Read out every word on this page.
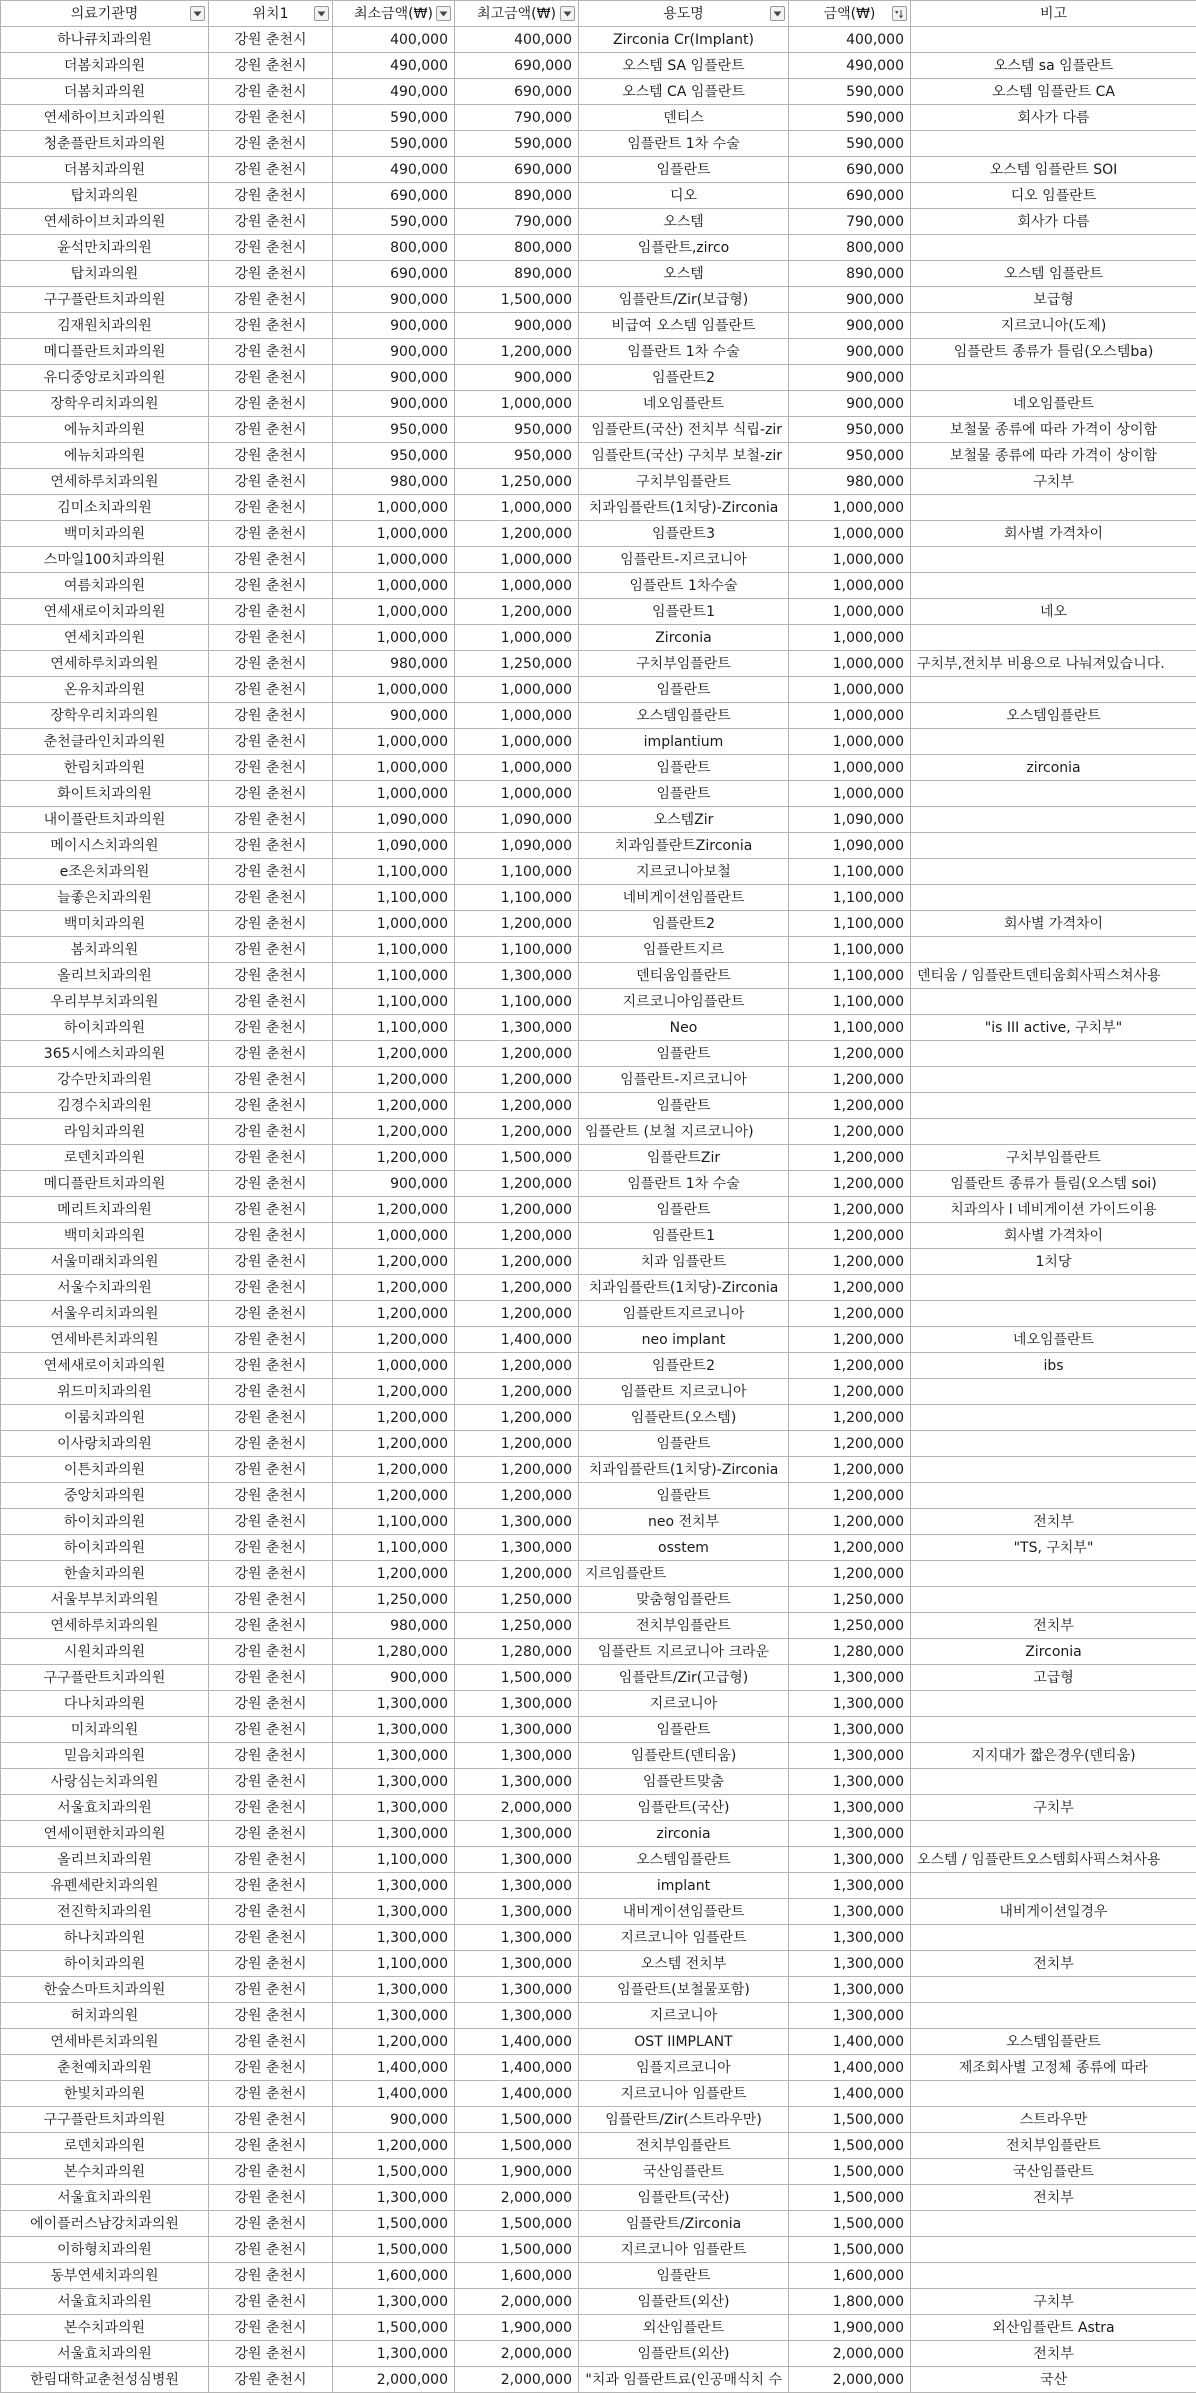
의료기관명	위치1	최소금액(₩)	최고금액(₩)	용도명	금액(₩)	비고
하나큐치과의원	강원 춘천시	400,000	400,000	Zirconia Cr(Implant)	400,000	
더봄치과의원	강원 춘천시	490,000	690,000	오스템 SA 임플란트	490,000	오스템 sa 임플란트
더봄치과의원	강원 춘천시	490,000	690,000	오스템 CA 임플란트	590,000	오스템 임플란트 CA
연세하이브치과의원	강원 춘천시	590,000	790,000	덴티스	590,000	회사가 다름
청춘플란트치과의원	강원 춘천시	590,000	590,000	임플란트 1차 수술	590,000	
더봄치과의원	강원 춘천시	490,000	690,000	임플란트	690,000	오스템 임플란트 SOI
탑치과의원	강원 춘천시	690,000	890,000	디오	690,000	디오 임플란트
연세하이브치과의원	강원 춘천시	590,000	790,000	오스템	790,000	회사가 다름
윤석만치과의원	강원 춘천시	800,000	800,000	임플란트,zirco	800,000	
탑치과의원	강원 춘천시	690,000	890,000	오스템	890,000	오스템 임플란트
구구플란트치과의원	강원 춘천시	900,000	1,500,000	임플란트/Zir(보급형)	900,000	보급형
김재원치과의원	강원 춘천시	900,000	900,000	비급여 오스템 임플란트	900,000	지르코니아(도제)
메디플란트치과의원	강원 춘천시	900,000	1,200,000	임플란트 1차 수술	900,000	임플란트 종류가 틀림(오스템ba)
유디중앙로치과의원	강원 춘천시	900,000	900,000	임플란트2	900,000	
장학우리치과의원	강원 춘천시	900,000	1,000,000	네오임플란트	900,000	네오임플란트
에뉴치과의원	강원 춘천시	950,000	950,000	임플란트(국산) 전치부 식립-zir	950,000	보철물 종류에 따라 가격이 상이함
에뉴치과의원	강원 춘천시	950,000	950,000	임플란트(국산) 구치부 보철-zir	950,000	보철물 종류에 따라 가격이 상이함
연세하루치과의원	강원 춘천시	980,000	1,250,000	구치부임플란트	980,000	구치부
김미소치과의원	강원 춘천시	1,000,000	1,000,000	치과임플란트(1치당)-Zirconia	1,000,000	
백미치과의원	강원 춘천시	1,000,000	1,200,000	임플란트3	1,000,000	회사별 가격차이
스마일100치과의원	강원 춘천시	1,000,000	1,000,000	임플란트-지르코니아	1,000,000	
여름치과의원	강원 춘천시	1,000,000	1,000,000	임플란트 1차수술	1,000,000	
연세새로이치과의원	강원 춘천시	1,000,000	1,200,000	임플란트1	1,000,000	네오
연세치과의원	강원 춘천시	1,000,000	1,000,000	Zirconia	1,000,000	
연세하루치과의원	강원 춘천시	980,000	1,250,000	구치부임플란트	1,000,000	구치부,전치부 비용으로 나눠져있습니다.
온유치과의원	강원 춘천시	1,000,000	1,000,000	임플란트	1,000,000	
장학우리치과의원	강원 춘천시	900,000	1,000,000	오스템임플란트	1,000,000	오스템임플란트
춘천클라인치과의원	강원 춘천시	1,000,000	1,000,000	implantium	1,000,000	
한림치과의원	강원 춘천시	1,000,000	1,000,000	임플란트	1,000,000	zirconia
화이트치과의원	강원 춘천시	1,000,000	1,000,000	임플란트	1,000,000	
내이플란트치과의원	강원 춘천시	1,090,000	1,090,000	오스템Zir	1,090,000	
메이시스치과의원	강원 춘천시	1,090,000	1,090,000	치과임플란트Zirconia	1,090,000	
e조은치과의원	강원 춘천시	1,100,000	1,100,000	지르코니아보철	1,100,000	
늘좋은치과의원	강원 춘천시	1,100,000	1,100,000	네비게이션임플란트	1,100,000	
백미치과의원	강원 춘천시	1,000,000	1,200,000	임플란트2	1,100,000	회사별 가격차이
봄치과의원	강원 춘천시	1,100,000	1,100,000	임플란트지르	1,100,000	
올리브치과의원	강원 춘천시	1,100,000	1,300,000	덴티움임플란트	1,100,000	덴티움 / 임플란트덴티움회사픽스쳐사용
우리부부치과의원	강원 춘천시	1,100,000	1,100,000	지르코니아임플란트	1,100,000	
하이치과의원	강원 춘천시	1,100,000	1,300,000	Neo	1,100,000	"is III active, 구치부"
365시에스치과의원	강원 춘천시	1,200,000	1,200,000	임플란트	1,200,000	
강수만치과의원	강원 춘천시	1,200,000	1,200,000	임플란트-지르코니아	1,200,000	
김경수치과의원	강원 춘천시	1,200,000	1,200,000	임플란트	1,200,000	
라임치과의원	강원 춘천시	1,200,000	1,200,000	임플란트 (보철 지르코니아)	1,200,000	
로덴치과의원	강원 춘천시	1,200,000	1,500,000	임플란트Zir	1,200,000	구치부임플란트
메디플란트치과의원	강원 춘천시	900,000	1,200,000	임플란트 1차 수술	1,200,000	임플란트 종류가 틀림(오스템 soi)
메리트치과의원	강원 춘천시	1,200,000	1,200,000	임플란트	1,200,000	치과의사 l 네비게이션 가이드이용
백미치과의원	강원 춘천시	1,000,000	1,200,000	임플란트1	1,200,000	회사별 가격차이
서울미래치과의원	강원 춘천시	1,200,000	1,200,000	치과 임플란트	1,200,000	1치당
서울수치과의원	강원 춘천시	1,200,000	1,200,000	치과임플란트(1치당)-Zirconia	1,200,000	
서울우리치과의원	강원 춘천시	1,200,000	1,200,000	임플란트지르코니아	1,200,000	
연세바른치과의원	강원 춘천시	1,200,000	1,400,000	neo implant	1,200,000	네오임플란트
연세새로이치과의원	강원 춘천시	1,000,000	1,200,000	임플란트2	1,200,000	ibs
위드미치과의원	강원 춘천시	1,200,000	1,200,000	임플란트 지르코니아	1,200,000	
이룸치과의원	강원 춘천시	1,200,000	1,200,000	임플란트(오스템)	1,200,000	
이사랑치과의원	강원 춘천시	1,200,000	1,200,000	임플란트	1,200,000	
이튼치과의원	강원 춘천시	1,200,000	1,200,000	치과임플란트(1치당)-Zirconia	1,200,000	
중앙치과의원	강원 춘천시	1,200,000	1,200,000	임플란트	1,200,000	
하이치과의원	강원 춘천시	1,100,000	1,300,000	neo 전치부	1,200,000	전치부
하이치과의원	강원 춘천시	1,100,000	1,300,000	osstem	1,200,000	"TS, 구치부"
한솔치과의원	강원 춘천시	1,200,000	1,200,000	지르임플란트	1,200,000	
서울부부치과의원	강원 춘천시	1,250,000	1,250,000	맞춤형임플란트	1,250,000	
연세하루치과의원	강원 춘천시	980,000	1,250,000	전치부임플란트	1,250,000	전치부
시원치과의원	강원 춘천시	1,280,000	1,280,000	임플란트 지르코니아 크라운	1,280,000	Zirconia
구구플란트치과의원	강원 춘천시	900,000	1,500,000	임플란트/Zir(고급형)	1,300,000	고급형
다나치과의원	강원 춘천시	1,300,000	1,300,000	지르코니아	1,300,000	
미치과의원	강원 춘천시	1,300,000	1,300,000	임플란트	1,300,000	
믿음치과의원	강원 춘천시	1,300,000	1,300,000	임플란트(덴티움)	1,300,000	지지대가 짧은경우(덴티움)
사랑심는치과의원	강원 춘천시	1,300,000	1,300,000	임플란트맞춤	1,300,000	
서울효치과의원	강원 춘천시	1,300,000	2,000,000	임플란트(국산)	1,300,000	구치부
연세이편한치과의원	강원 춘천시	1,300,000	1,300,000	zirconia	1,300,000	
올리브치과의원	강원 춘천시	1,100,000	1,300,000	오스템임플란트	1,300,000	오스템 / 임플란트오스템회사픽스쳐사용
유펜세란치과의원	강원 춘천시	1,300,000	1,300,000	implant	1,300,000	
전진학치과의원	강원 춘천시	1,300,000	1,300,000	내비게이션임플란트	1,300,000	내비게이션일경우
하나치과의원	강원 춘천시	1,300,000	1,300,000	지르코니아 임플란트	1,300,000	
하이치과의원	강원 춘천시	1,100,000	1,300,000	오스템 전치부	1,300,000	전치부
한숲스마트치과의원	강원 춘천시	1,300,000	1,300,000	임플란트(보철물포함)	1,300,000	
허치과의원	강원 춘천시	1,300,000	1,300,000	지르코니아	1,300,000	
연세바른치과의원	강원 춘천시	1,200,000	1,400,000	OST IIMPLANT	1,400,000	오스템임플란트
춘천예치과의원	강원 춘천시	1,400,000	1,400,000	임플지르코니아	1,400,000	제조회사별 고정체 종류에 따라
한빛치과의원	강원 춘천시	1,400,000	1,400,000	지르코니아 임플란트	1,400,000	
구구플란트치과의원	강원 춘천시	900,000	1,500,000	임플란트/Zir(스트라우만)	1,500,000	스트라우만
로덴치과의원	강원 춘천시	1,200,000	1,500,000	전치부임플란트	1,500,000	전치부임플란트
본수치과의원	강원 춘천시	1,500,000	1,900,000	국산임플란트	1,500,000	국산임플란트
서울효치과의원	강원 춘천시	1,300,000	2,000,000	임플란트(국산)	1,500,000	전치부
에이플러스남강치과의원	강원 춘천시	1,500,000	1,500,000	임플란트/Zirconia	1,500,000	
이하형치과의원	강원 춘천시	1,500,000	1,500,000	지르코니아 임플란트	1,500,000	
동부연세치과의원	강원 춘천시	1,600,000	1,600,000	임플란트	1,600,000	
서울효치과의원	강원 춘천시	1,300,000	2,000,000	임플란트(외산)	1,800,000	구치부
본수치과의원	강원 춘천시	1,500,000	1,900,000	외산임플란트	1,900,000	외산임플란트 Astra
서울효치과의원	강원 춘천시	1,300,000	2,000,000	임플란트(외산)	2,000,000	전치부
한림대학교춘천성심병원	강원 춘천시	2,000,000	2,000,000	"치과 임플란트료(인공매식치 수	2,000,000	국산
